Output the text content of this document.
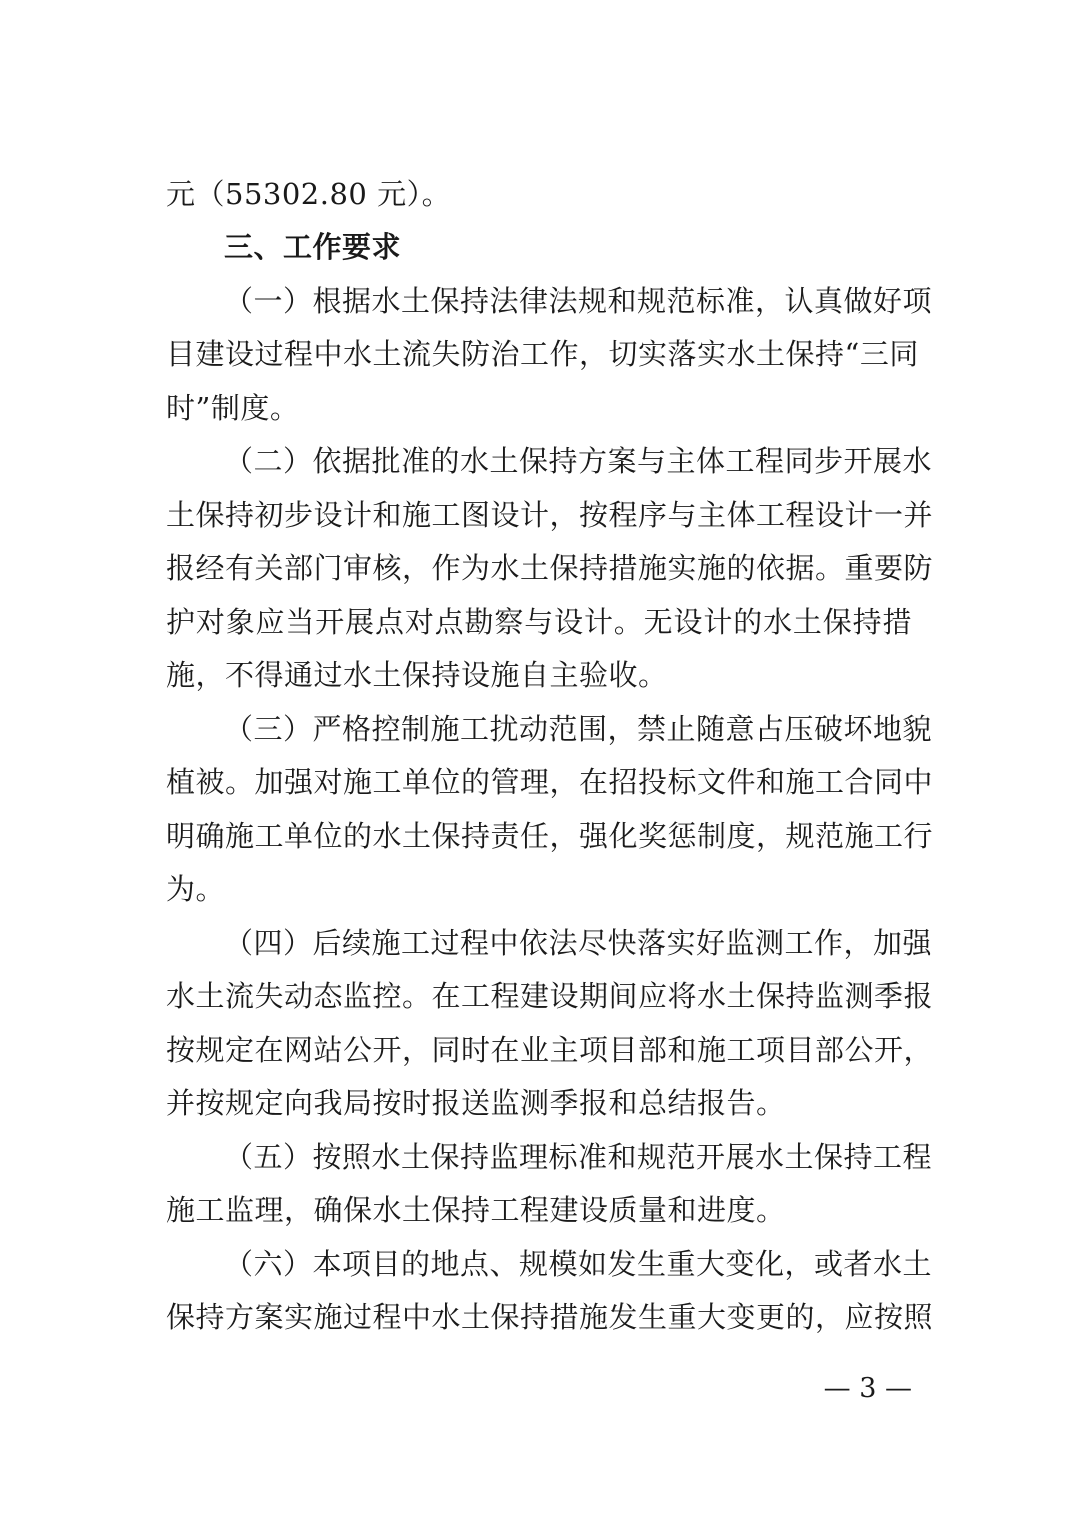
元（55302.80 元）。
三、工作要求
（一）根据水土保持法律法规和规范标准，认真做好项
目建设过程中水土流失防治工作，切实落实水土保持“三同
时”制度。
（二）依据批准的水土保持方案与主体工程同步开展水
土保持初步设计和施工图设计，按程序与主体工程设计一并
报经有关部门审核，作为水土保持措施实施的依据。重要防
护对象应当开展点对点勘察与设计。无设计的水土保持措
施，不得通过水土保持设施自主验收。
（三）严格控制施工扰动范围，禁止随意占压破坏地貌
植被。加强对施工单位的管理，在招投标文件和施工合同中
明确施工单位的水土保持责任，强化奖惩制度，规范施工行
为。
（四）后续施工过程中依法尽快落实好监测工作，加强
水土流失动态监控。在工程建设期间应将水土保持监测季报
按规定在网站公开，同时在业主项目部和施工项目部公开，
并按规定向我局按时报送监测季报和总结报告。
（五）按照水土保持监理标准和规范开展水土保持工程
施工监理，确保水土保持工程建设质量和进度。
（六）本项目的地点、规模如发生重大变化，或者水土
保持方案实施过程中水土保持措施发生重大变更的，应按照
— 3 —
